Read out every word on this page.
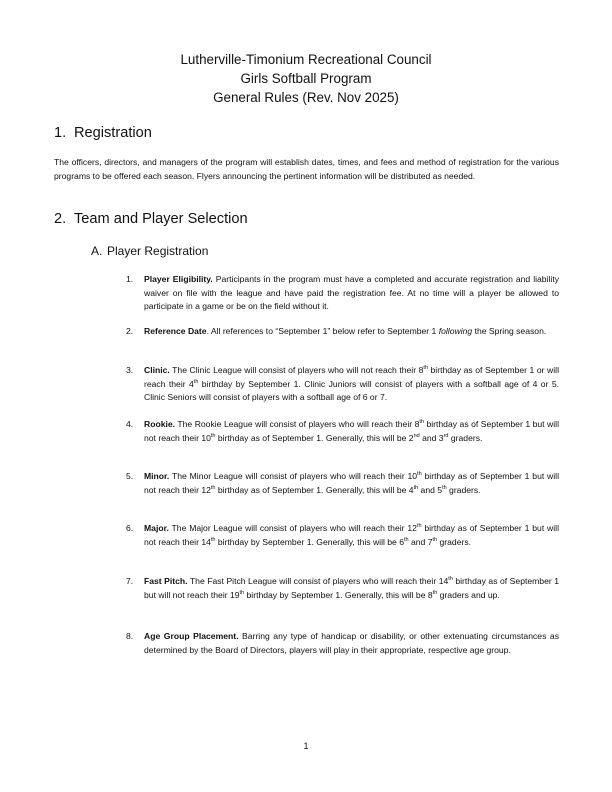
Lutherville-Timonium Recreational Council
Girls Softball Program
General Rules (Rev. Nov 2025)
1. Registration
The officers, directors, and managers of the program will establish dates, times, and fees and method of registration for the various programs to be offered each season. Flyers announcing the pertinent information will be distributed as needed.
2. Team and Player Selection
A. Player Registration
1. Player Eligibility. Participants in the program must have a completed and accurate registration and liability waiver on file with the league and have paid the registration fee. At no time will a player be allowed to participate in a game or be on the field without it.
2. Reference Date. All references to “September 1” below refer to September 1 following the Spring season.
3. Clinic. The Clinic League will consist of players who will not reach their 8th birthday as of September 1 or will reach their 4th birthday by September 1. Clinic Juniors will consist of players with a softball age of 4 or 5. Clinic Seniors will consist of players with a softball age of 6 or 7.
4. Rookie. The Rookie League will consist of players who will reach their 8th birthday as of September 1 but will not reach their 10th birthday as of September 1. Generally, this will be 2nd and 3rd graders.
5. Minor. The Minor League will consist of players who will reach their 10th birthday as of September 1 but will not reach their 12th birthday as of September 1. Generally, this will be 4th and 5th graders.
6. Major. The Major League will consist of players who will reach their 12th birthday as of September 1 but will not reach their 14th birthday by September 1. Generally, this will be 6th and 7th graders.
7. Fast Pitch. The Fast Pitch League will consist of players who will reach their 14th birthday as of September 1 but will not reach their 19th birthday by September 1. Generally, this will be 8th graders and up.
8. Age Group Placement. Barring any type of handicap or disability, or other extenuating circumstances as determined by the Board of Directors, players will play in their appropriate, respective age group.
1
